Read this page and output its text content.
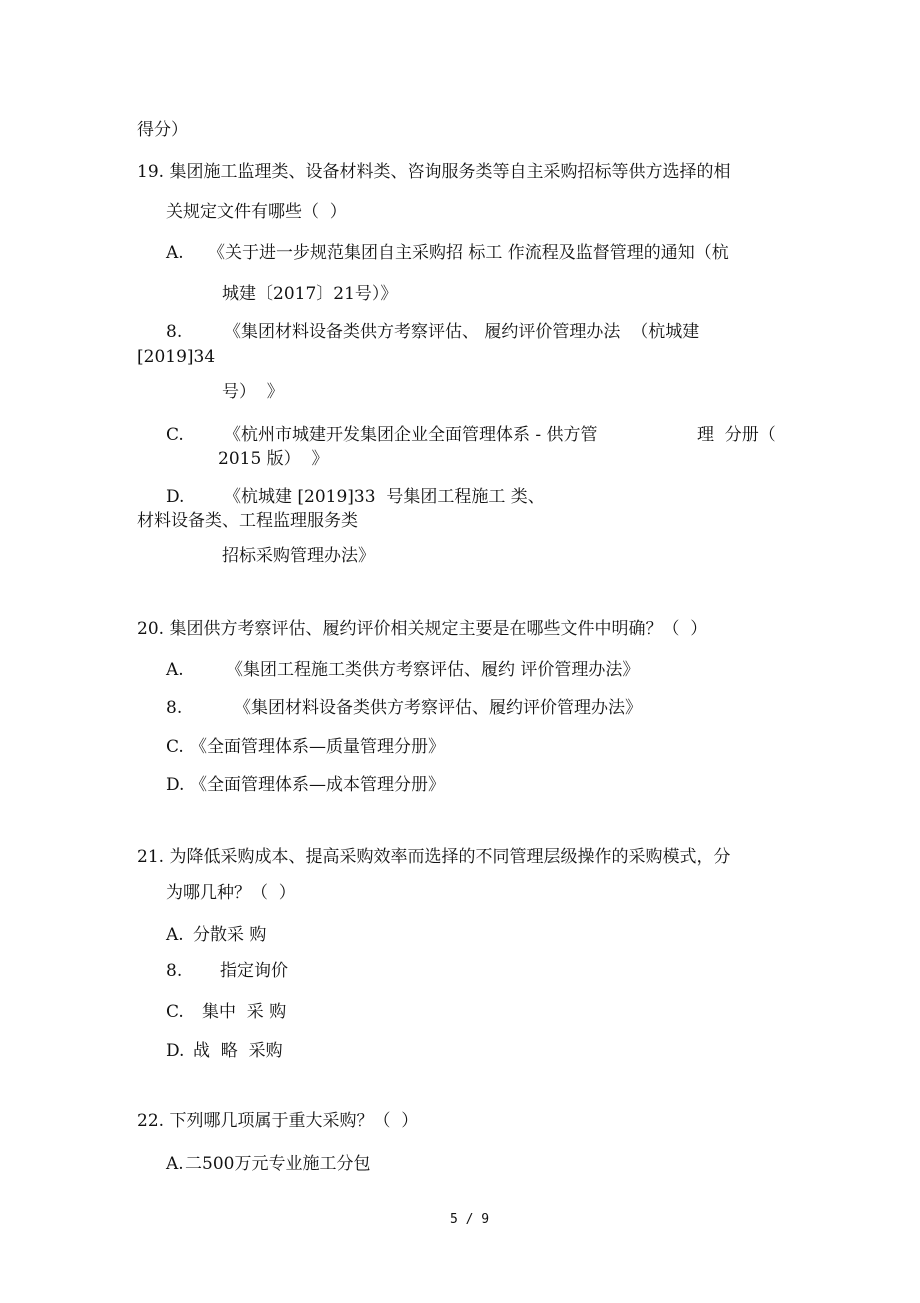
得分）
19. 集团施工监理类、设备材料类、咨询服务类等自主采购招标等供方选择的相
关规定文件有哪些（  ）
A. 《关于进一步规范集团自主采购招 标工 作流程及监督管理的通知（杭
城建〔2017〕21号）》
8. 《集团材料设备类供方考察评估、 履约评价管理办法  （杭城建
[2019]34
号）  》
C. 《杭州市城建开发集团企业全面管理体系 - 供方管	理  分册（
2015 版）  》
D. 《杭城建 [2019]33  号集团工程施工 类、
材料设备类、工程监理服务类
招标采购管理办法》
20. 集团供方考察评估、履约评价相关规定主要是在哪些文件中明确？（  ）
A. 《集团工程施工类供方考察评估、履约 评价管理办法》
8.	《集团材料设备类供方考察评估、履约评价管理办法》
C. 《全面管理体系—质量管理分册》
D. 《全面管理体系—成本管理分册》
21. 为降低采购成本、提高采购效率而选择的不同管理层级操作的采购模式，分
为哪几种？（  ）
A. 分散采 购
8. 指定询价
C. 集中  采 购
D. 战  略  采购
22. 下列哪几项属于重大采购？（  ）
A. 二500万元专业施工分包
5 / 9
